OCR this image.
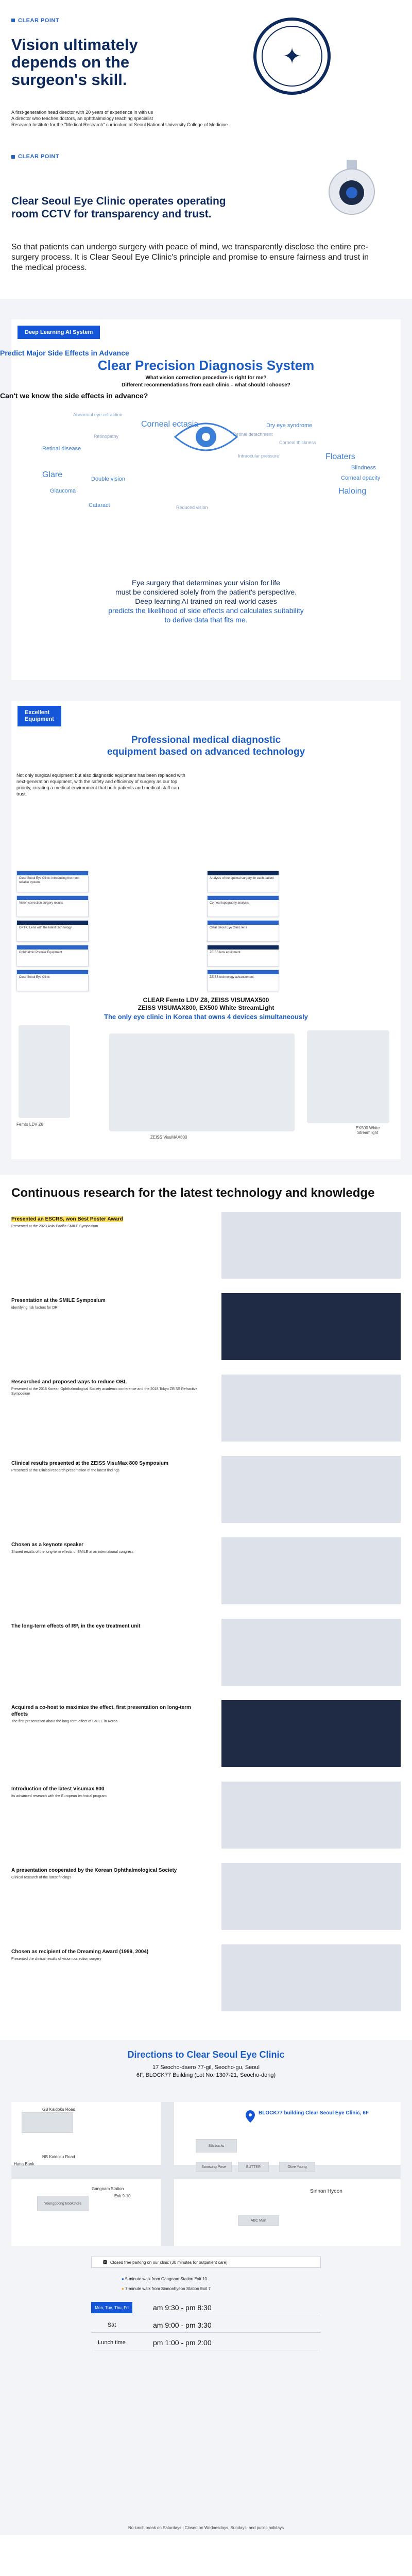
CLEAR POINT
Vision ultimately depends on the surgeon's skill.
✦
A first-generation head director with 20 years of experience in with us
A director who teaches doctors, an ophthalmology teaching specialist
Research Institute for the "Medical Research" curriculum at Seoul National University College of Medicine
CLEAR POINT
Clear Seoul Eye Clinic operates operating room CCTV for transparency and trust.
So that patients can undergo surgery with peace of mind, we transparently disclose the entire pre-surgery process. It is Clear Seoul Eye Clinic's principle and promise to ensure fairness and trust in the medical process.
Deep Learning AI System
Predict Major Side Effects in Advance
Clear Precision Diagnosis System
What vision correction procedure is right for me?
Different recommendations from each clinic – what should I choose?
Can't we know the side effects in advance?
Corneal ectasia	Dry eye syndrome
Retinal disease
Floaters
Blindness
Glare	Corneal opacity
Double vision
Haloing
Glaucoma
Cataract
Abnormal eye refraction
Retinal detachment
Retinopathy
Corneal thickness
Intraocular pressure
Reduced vision
Eye surgery that determines your vision for life
must be considered solely from the patient's perspective.
Deep learning AI trained on real-world cases
predicts the likelihood of side effects and calculates suitability
to derive data that fits me.
Excellent
Equipment
Professional medical diagnostic
equipment based on advanced technology
Not only surgical equipment but also diagnostic equipment has been replaced with next-generation equipment, with the safety and efficiency of surgery as our top priority, creating a medical environment that both patients and medical staff can trust.
Clear Seoul Eye Clinic: introducing the most reliable system
Analysis of the optimal surgery for each patient
Vision correction surgery results	Corneal topography analysis
OPTIC Lens with the latest technology	Clear Seoul Eye Clinic lens
Ophthalmic Premier Equipment	ZEISS lens equipment
Clear Seoul Eye Clinic	ZEISS technology advancement
CLEAR Femto LDV Z8, ZEISS VISUMAX500
ZEISS VISUMAX800, EX500 White StreamLight
The only eye clinic in Korea that owns 4 devices simultaneously
Femto LDV Z8
EX500 White Streamlight
ZEISS VisuMAX800
Continuous research for the latest technology and knowledge
Presented an ESCRS, won Best Poster Award
Presented at the 2023 Asia-Pacific SMILE Symposium
Presentation at the SMILE Symposium
identifying risk factors for DRI
Researched and proposed ways to reduce OBL
Presented at the 2018 Korean Ophthalmological Society academic conference and the 2018 Tokyo ZEISS Refractive Symposium
Clinical results presented at the ZEISS VisuMax 800 Symposium
Presented at the Clinical research presentation of the latest findings
Chosen as a keynote speaker
Shared results of the long-term effects of SMILE at an international congress
The long-term effects of RP, in the eye treatment unit
Acquired a co-host to maximize the effect, first presentation on long-term effects
The first presentation about the long-term effect of SMILE in Korea
Introduction of the latest Visumax 800
Its advanced research with the European technical program
A presentation cooperated by the Korean Ophthalmological Society
Clinical research of the latest findings
Chosen as recipient of the Dreaming Award (1999, 2004)
Presented the clinical results of vision correction surgery
Directions to Clear Seoul Eye Clinic
17 Seocho-daero 77-gil, Seocho-gu, Seoul
6F, BLOCK77 Building (Lot No. 1307-21, Seocho-dong)
GB Kaidoku Road
NB Kaidoku Road
Hana Bank
Starbucks
Samsung Pose	BUTTER	Olive Young
Gangnam Station
Exit 9-10
Youngpoong Bookstore
Sinnon Hyeon
ABC Mart
BLOCK77 building Clear Seoul Eye Clinic, 6F
🅿 Closed free parking on our clinic (30 minutes for outpatient care)
● 5-minute walk from Gangnam Station Exit 10
● 7-minute walk from Sinnonhyeon Station Exit 7
Mon, Tue, Thu, Fri	am 9:30 - pm 8:30
Sat	am 9:00 - pm 3:30
Lunch time	pm 1:00 - pm 2:00
No lunch break on Saturdays | Closed on Wednesdays, Sundays, and public holidays
